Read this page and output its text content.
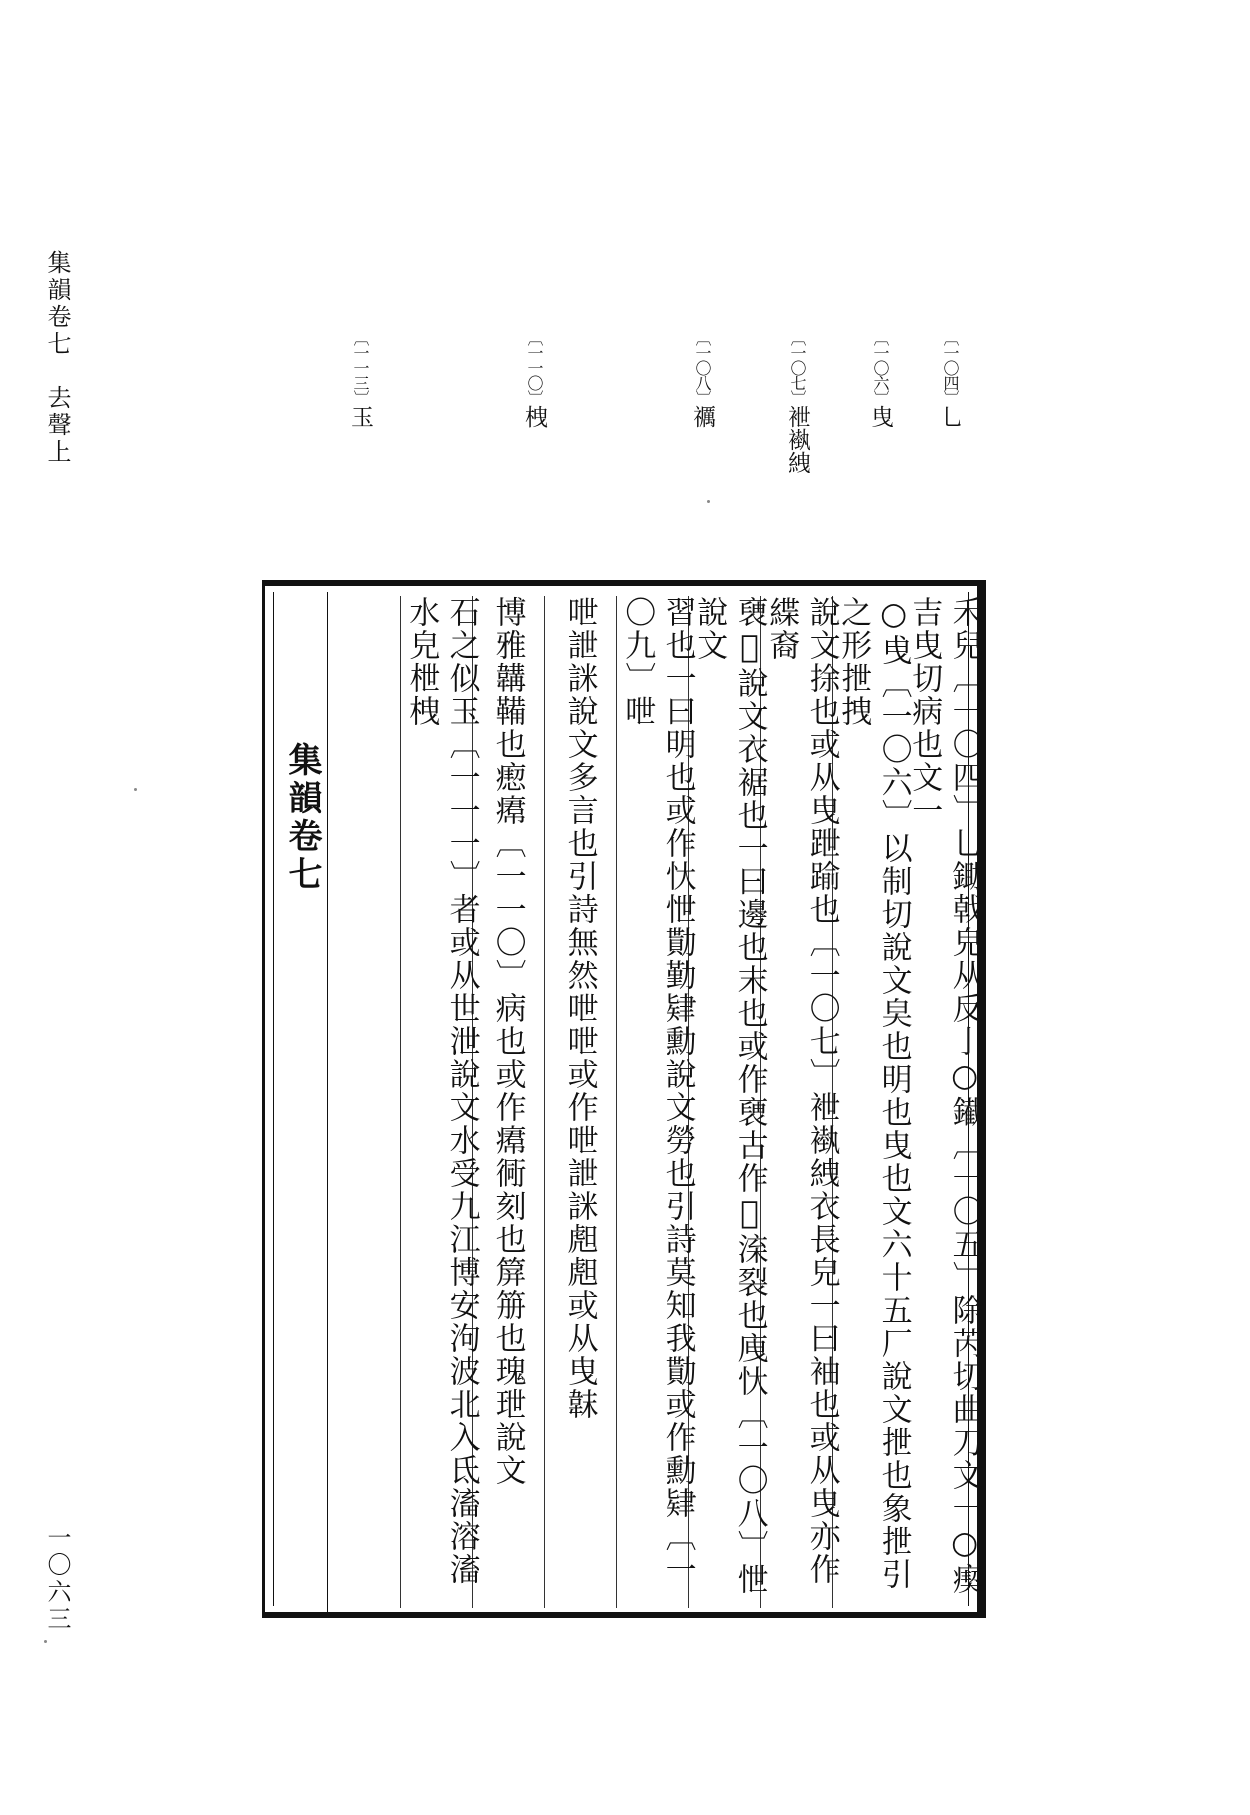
集韻卷七　去聲上
一〇六三
〔一〇四〕乚
〔一〇六〕曳
〔一〇七〕袣褹絏
〔一〇八〕禲
〔一一〇〕栧
〔一一三〕玉
禾兒〔一〇四〕乚鋤戟皃从反亅○䥫〔一〇五〕除芮切曲刀文一○瘈吉曳切病也文一
○曵〔一〇六〕以制切說文㚖也明也曳也文六十五厂說文抴也象抴引之形抴拽
說文捈也或从曳跇踰也〔一〇七〕袣褹絏衣長皃一曰袖也或从曳亦作緤裔
褏𧙘說文衣裾也一曰邊也末也或作褏古作𧙘㳿裂也㡼忕〔一〇八〕怈說文
習也一曰明也或作忕怈勩勤肄勳說文勞也引詩莫知我勩或作勳肄〔一〇九〕呭
呭詍詸說文多言也引詩無然呭呭或作呭詍詸䖑䖑或从曳韎
博雅韝鞴也瘛𤸷〔一一〇〕病也或作𤸷衕刻也箳笧也瑰玴說文
石之似玉〔一一一〕者或从世泄說文水受九江博安泃波北入氐滀溶滀水皃枻栧
集韻卷七
